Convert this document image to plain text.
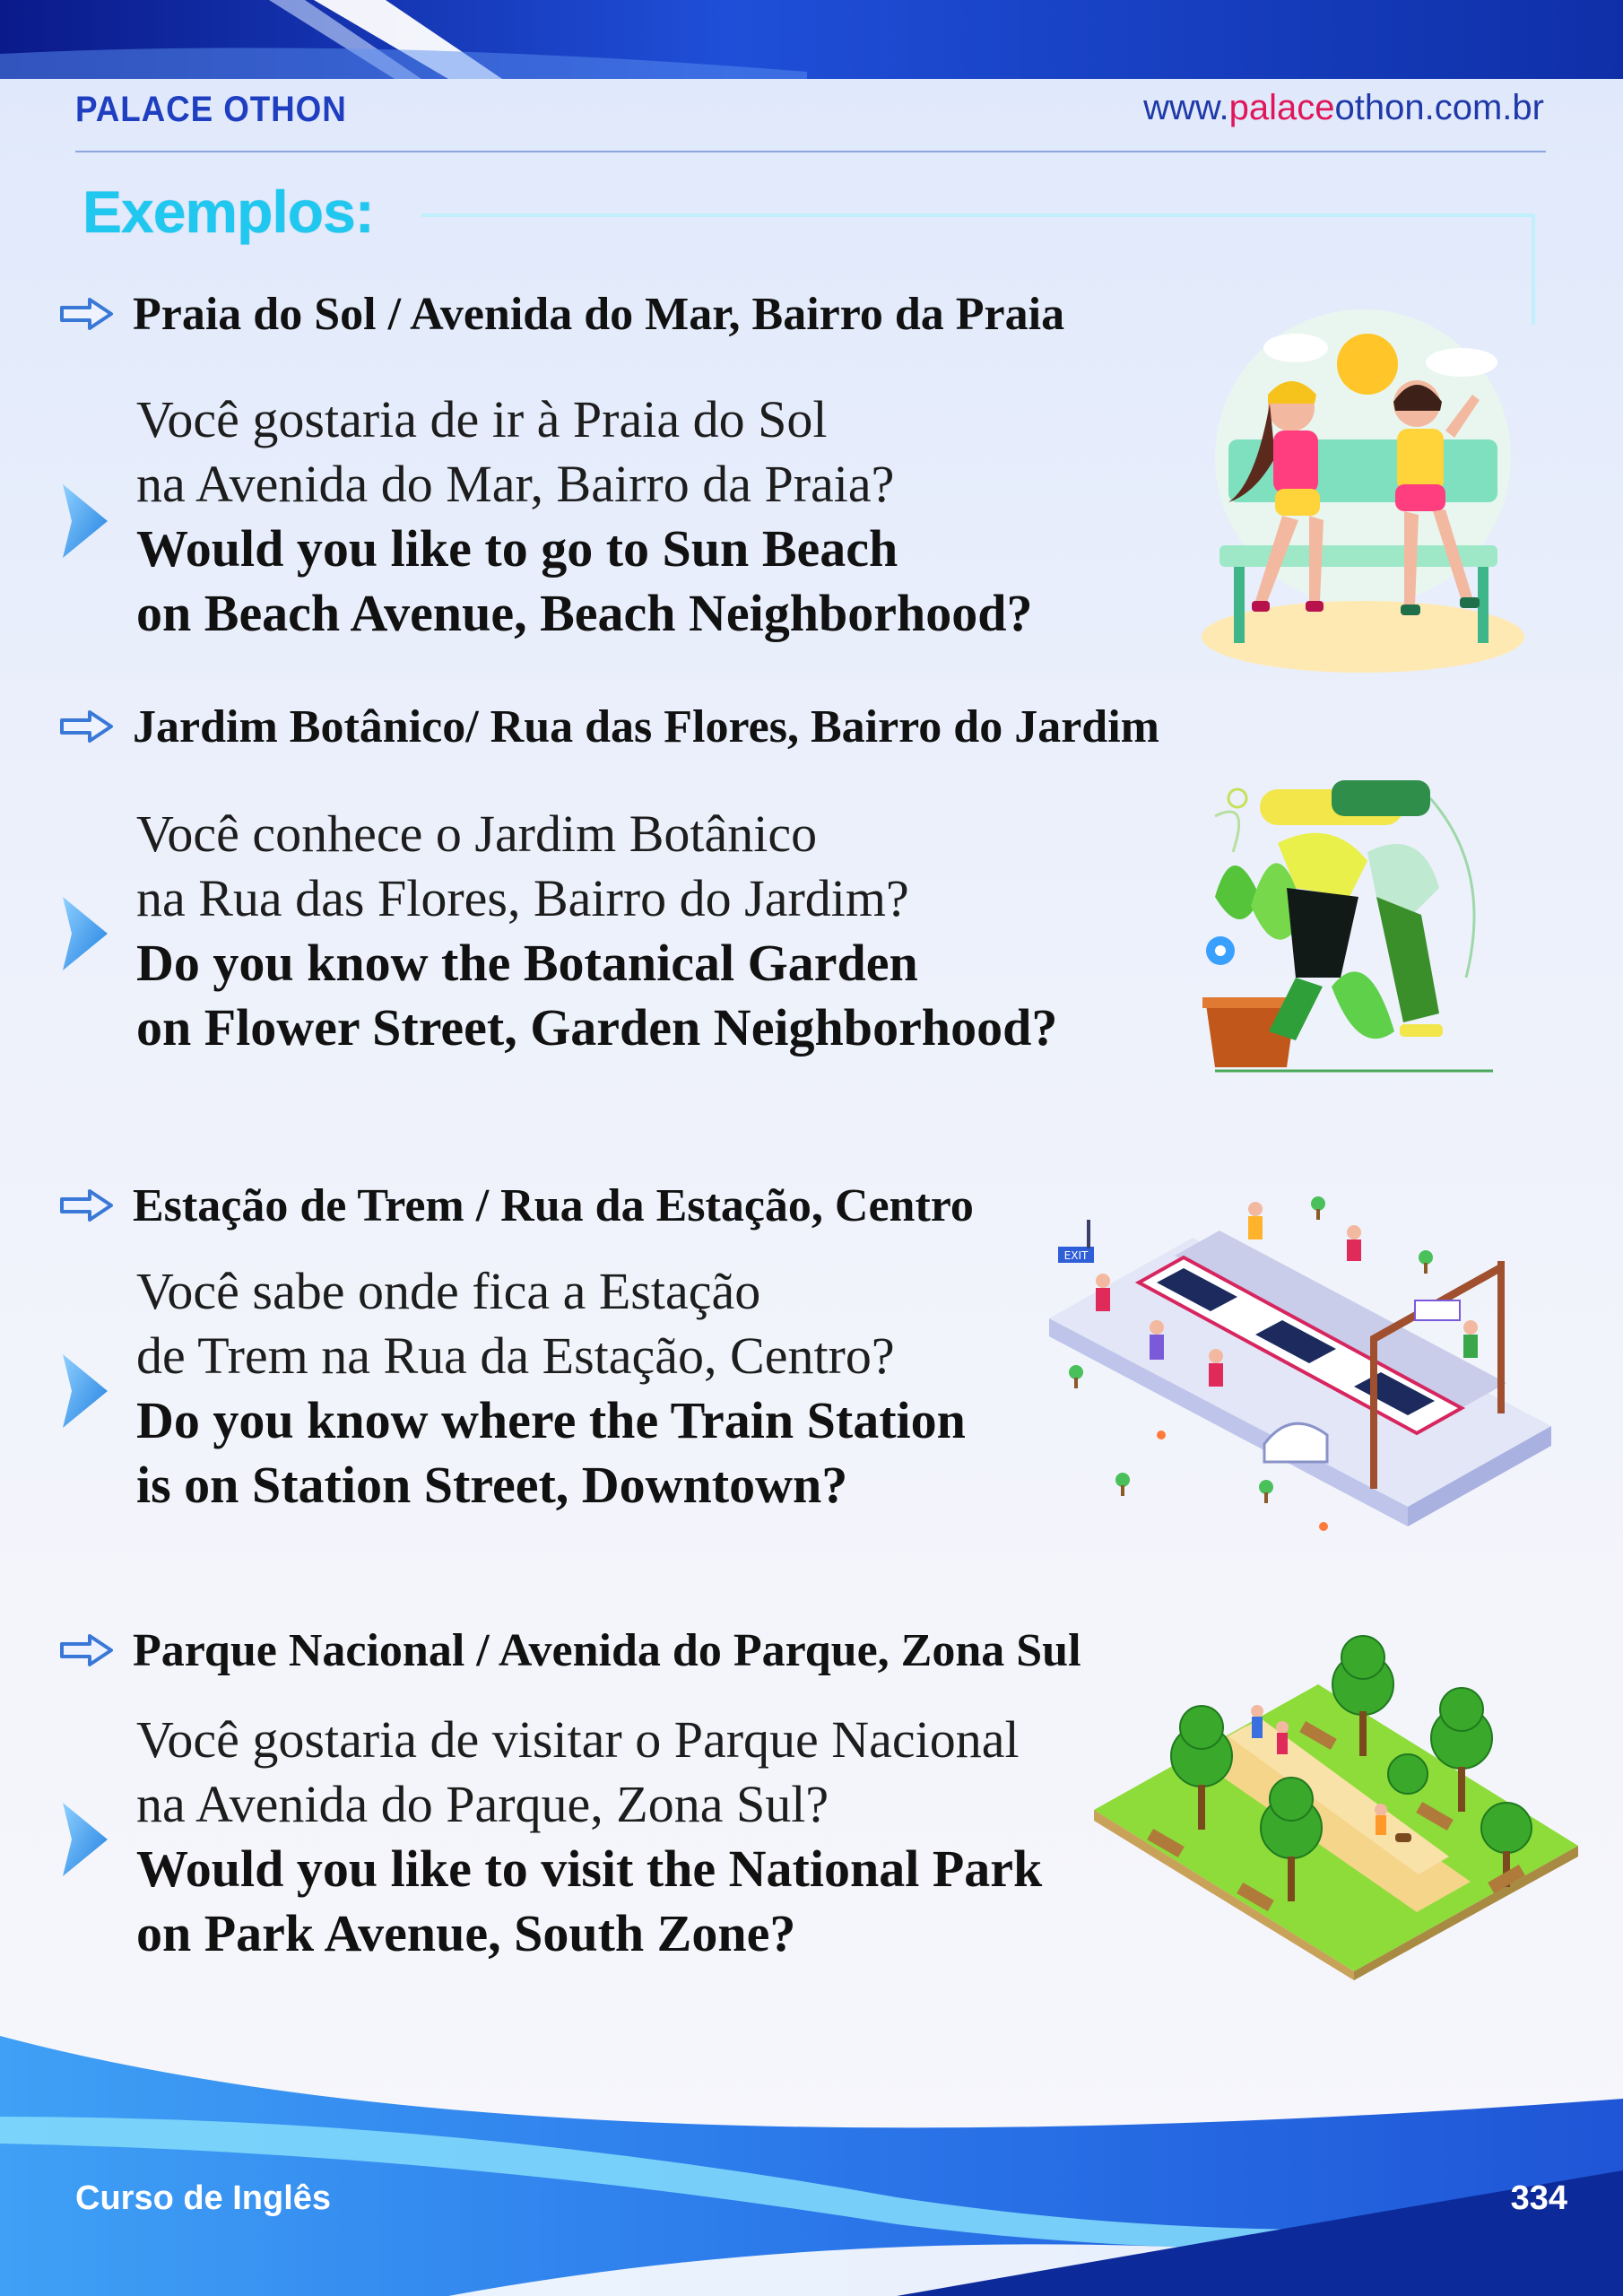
PALACE OTHON	www.palaceothon.com.br
Exemplos:
Praia do Sol / Avenida do Mar, Bairro da Praia
Você gostaria de ir à Praia do Sol
na Avenida do Mar, Bairro da Praia?
Would you like to go to Sun Beach
on Beach Avenue, Beach Neighborhood?
Jardim Botânico/ Rua das Flores, Bairro do Jardim
Você conhece o Jardim Botânico
na Rua das Flores, Bairro do Jardim?
Do you know the Botanical Garden
on Flower Street, Garden Neighborhood?
Estação de Trem / Rua da Estação, Centro
Você sabe onde fica a Estação
de Trem na Rua da Estação, Centro?
Do you know where the Train Station
is on Station Street, Downtown?
EXIT
Parque Nacional / Avenida do Parque, Zona Sul
Você gostaria de visitar o Parque Nacional
na Avenida do Parque, Zona Sul?
Would you like to visit the National Park
on Park Avenue, South Zone?
Curso de Inglês	334
